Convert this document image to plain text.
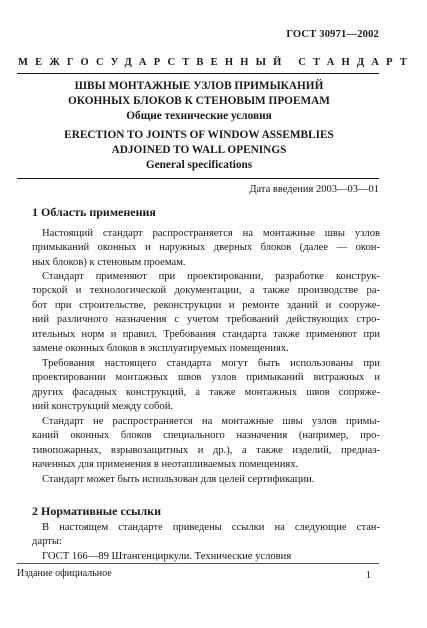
ГОСТ 30971—2002
МЕЖГОСУДАРСТВЕННЫЙ СТАНДАРТ
ШВЫ МОНТАЖНЫЕ УЗЛОВ ПРИМЫКАНИЙ
ОКОННЫХ БЛОКОВ К СТЕНОВЫМ ПРОЕМАМ
Общие технические условия
ERECTION TO JOINTS OF WINDOW ASSEMBLIES
ADJOINED TO WALL OPENINGS
General specifications
Дата введения 2003—03—01
1 Область применения
Настоящий стандарт распространяется на монтажные швы узлов
примыканий оконных и наружных дверных блоков (далее — окон-
ных блоков) к стеновым проемам.
Стандарт применяют при проектировании, разработке конструк-
торской и технологической документации, а также производстве ра-
бот при строительстве, реконструкции и ремонте зданий и сооруже-
ний различного назначения с учетом требований действующих стро-
ительных норм и правил. Требования стандарта также применяют при
замене оконных блоков в эксплуатируемых помещениях.
Требования настоящего стандарта могут быть использованы при
проектировании монтажных швов узлов примыканий витражных и
других фасадных конструкций, а также монтажных швов сопряже-
ний конструкций между собой.
Стандарт не распространяется на монтажные швы узлов примы-
каний оконных блоков специального назначения (например, про-
тивопожарных, взрывозащитных и др.), а также изделий, предназ-
наченных для применения в неотапливаемых помещениях.
Стандарт может быть использован для целей сертификации.
2 Нормативные ссылки
В настоящем стандарте приведены ссылки на следующие стан-
дарты:
ГОСТ 166—89 Штангенциркули. Технические условия
Издание официальное	1
